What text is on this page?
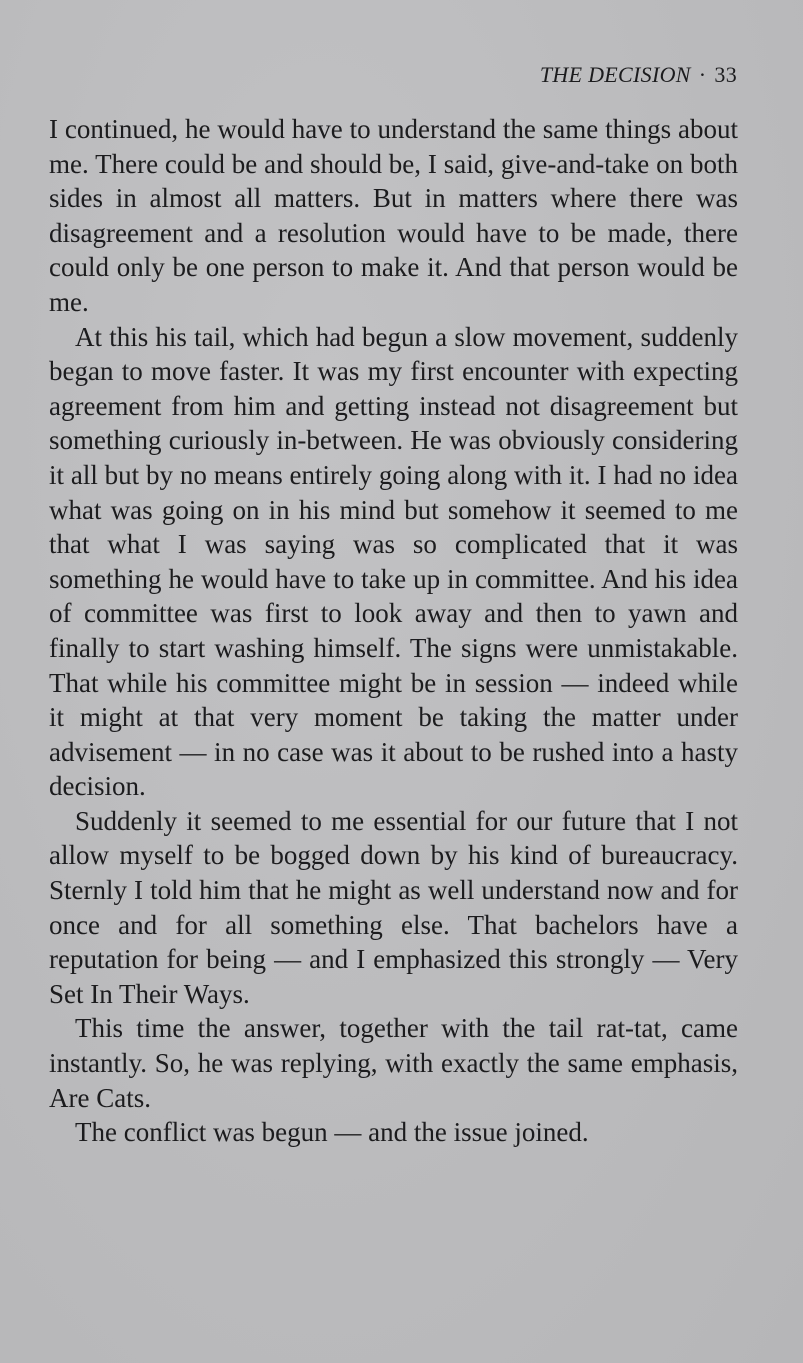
THE DECISION · 33

I continued, he would have to understand the same things about me. There could be and should be, I said, give-and-take on both sides in almost all matters. But in matters where there was disagreement and a resolution would have to be made, there could only be one person to make it. And that person would be me.

At this his tail, which had begun a slow movement, suddenly began to move faster. It was my first encounter with expecting agreement from him and getting instead not disagreement but something curiously in-between. He was obviously considering it all but by no means entirely going along with it. I had no idea what was going on in his mind but somehow it seemed to me that what I was saying was so complicated that it was something he would have to take up in committee. And his idea of committee was first to look away and then to yawn and finally to start washing himself. The signs were unmistakable. That while his committee might be in session — indeed while it might at that very moment be taking the matter under advisement — in no case was it about to be rushed into a hasty decision.

Suddenly it seemed to me essential for our future that I not allow myself to be bogged down by his kind of bureaucracy. Sternly I told him that he might as well understand now and for once and for all something else. That bachelors have a reputation for being — and I emphasized this strongly — Very Set In Their Ways.

This time the answer, together with the tail rat-tat, came instantly. So, he was replying, with exactly the same emphasis, Are Cats.

The conflict was begun — and the issue joined.
